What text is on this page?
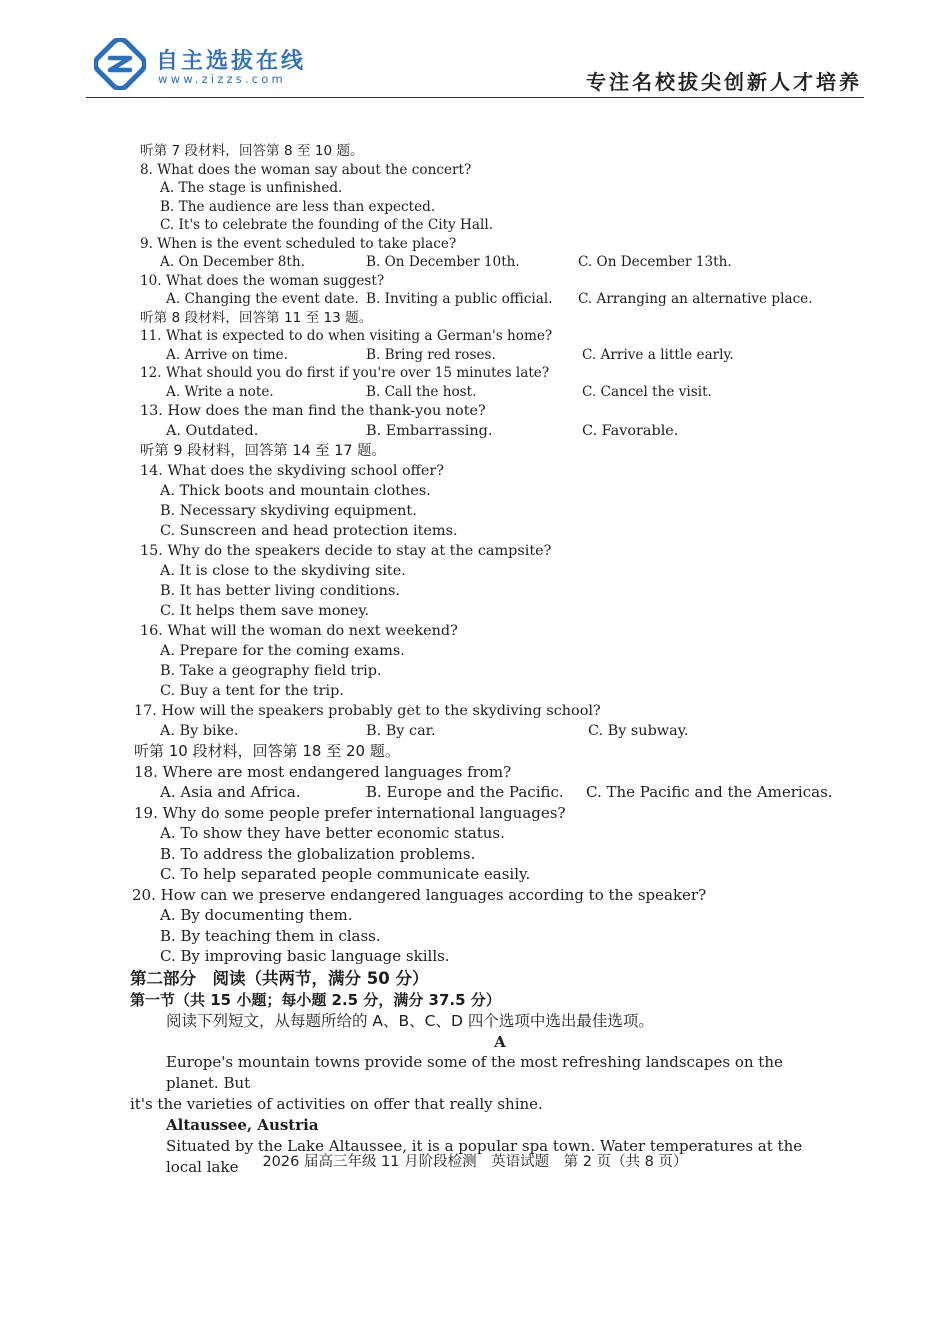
自主选拔在线
www.zizzs.com	专注名校拔尖创新人才培养
听第 7 段材料，回答第 8 至 10 题。
8. What does the woman say about the concert?
A. The stage is unfinished.
B. The audience are less than expected.
C. It's to celebrate the founding of the City Hall.
9. When is the event scheduled to take place?
A. On December 8th.	B. On December 10th.	C. On December 13th.
10. What does the woman suggest?
A. Changing the event date. B. Inviting a public official. C. Arranging an alternative place.
听第 8 段材料，回答第 11 至 13 题。
11. What is expected to do when visiting a German's home?
A. Arrive on time.	B. Bring red roses.	C. Arrive a little early.
12. What should you do first if you're over 15 minutes late?
A. Write a note.	B. Call the host.	C. Cancel the visit.
13. How does the man find the thank-you note?
A. Outdated.	B. Embarrassing.	C. Favorable.
听第 9 段材料，回答第 14 至 17 题。
14. What does the skydiving school offer?
A. Thick boots and mountain clothes.
B. Necessary skydiving equipment.
C. Sunscreen and head protection items.
15. Why do the speakers decide to stay at the campsite?
A. It is close to the skydiving site.
B. It has better living conditions.
C. It helps them save money.
16. What will the woman do next weekend?
A. Prepare for the coming exams.
B. Take a geography field trip.
C. Buy a tent for the trip.
17. How will the speakers probably get to the skydiving school?
A. By bike.	B. By car.	C. By subway.
听第 10 段材料，回答第 18 至 20 题。
18. Where are most endangered languages from?
A. Asia and Africa.	B. Europe and the Pacific. C. The Pacific and the Americas.
19. Why do some people prefer international languages?
A. To show they have better economic status.
B. To address the globalization problems.
C. To help separated people communicate easily.
20. How can we preserve endangered languages according to the speaker?
A. By documenting them.
B. By teaching them in class.
C. By improving basic language skills.
第二部分　阅读（共两节，满分 50 分）
第一节（共 15 小题；每小题 2.5 分，满分 37.5 分）
阅读下列短文，从每题所给的 A、B、C、D 四个选项中选出最佳选项。
A
Europe's mountain towns provide some of the most refreshing landscapes on the planet. But
it's the varieties of activities on offer that really shine.
Altaussee, Austria
Situated by the Lake Altaussee, it is a popular spa town. Water temperatures at the local lake	2026 届高三年级 11 月阶段检测　英语试题　第 2 页（共 8 页）
